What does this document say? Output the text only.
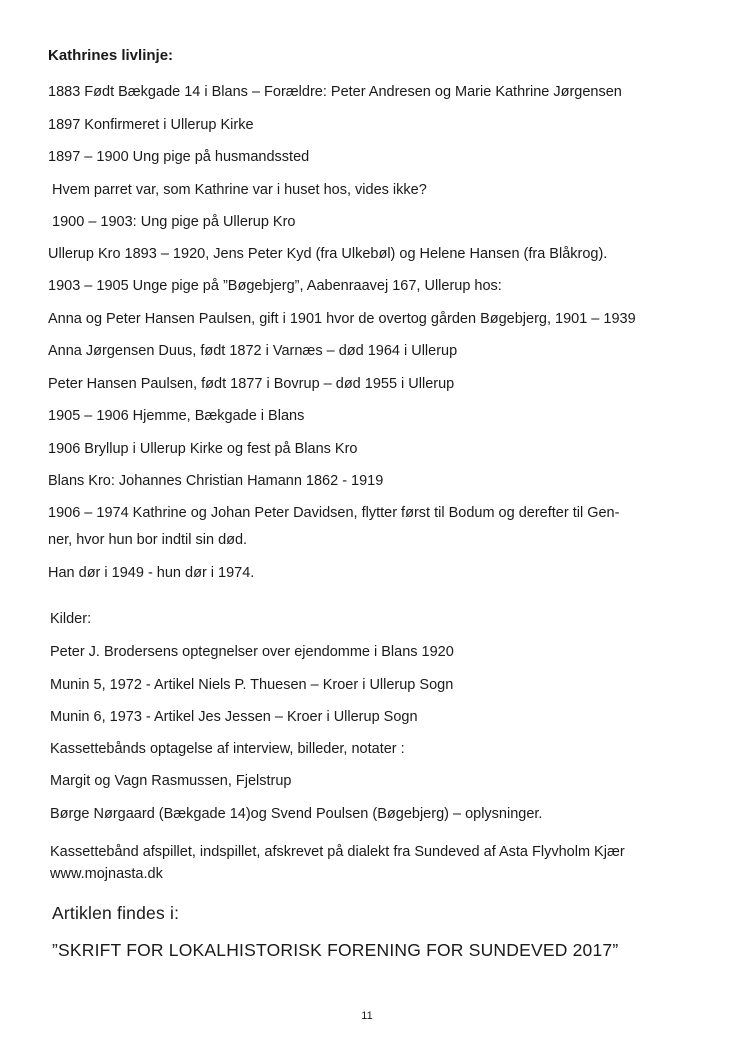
Kathrines livlinje:
1883 Født Bækgade 14 i Blans – Forældre: Peter Andresen og Marie Kathrine Jørgensen
1897 Konfirmeret i Ullerup Kirke
1897 – 1900 Ung pige på husmandssted
Hvem parret var, som Kathrine var i huset hos, vides ikke?
1900 – 1903: Ung pige på Ullerup Kro
Ullerup Kro 1893 – 1920, Jens Peter Kyd (fra Ulkebøl) og Helene Hansen (fra Blåkrog).
1903 – 1905 Unge pige på ”Bøgebjerg”, Aabenraavej 167, Ullerup hos:
Anna og Peter Hansen Paulsen, gift i 1901 hvor de overtog gården Bøgebjerg, 1901 – 1939
Anna Jørgensen Duus, født 1872 i Varnæs – død 1964 i Ullerup
Peter Hansen Paulsen, født 1877 i Bovrup – død 1955 i Ullerup
1905 – 1906 Hjemme, Bækgade i Blans
1906 Bryllup i Ullerup Kirke og fest på Blans Kro
Blans Kro: Johannes Christian Hamann 1862 - 1919
1906 – 1974 Kathrine og Johan Peter Davidsen, flytter først til Bodum og derefter til Gen-
ner, hvor hun bor indtil sin død.
Han dør i 1949 - hun dør i 1974.
Kilder:
Peter J. Brodersens optegnelser over ejendomme i Blans 1920
Munin 5, 1972 - Artikel Niels P. Thuesen – Kroer i Ullerup Sogn
Munin 6, 1973 - Artikel Jes Jessen – Kroer i Ullerup Sogn
Kassettebånds optagelse af interview, billeder, notater :
Margit og Vagn Rasmussen, Fjelstrup
Børge Nørgaard (Bækgade 14)og Svend Poulsen (Bøgebjerg) – oplysninger.
Kassettebånd afspillet, indspillet, afskrevet på dialekt fra Sundeved af Asta Flyvholm Kjær
www.mojnasta.dk
Artiklen findes i:
”SKRIFT FOR LOKALHISTORISK FORENING FOR SUNDEVED 2017”
11
